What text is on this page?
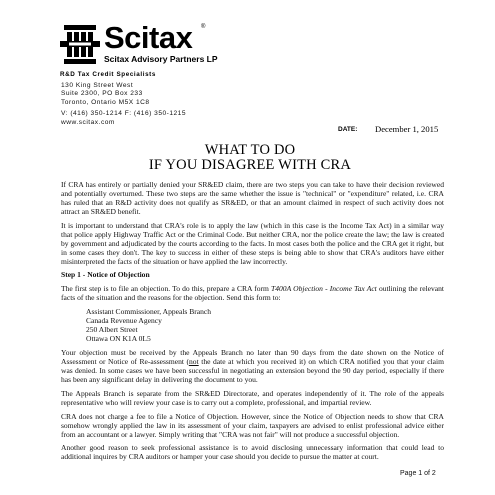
Scitax ®
Scitax Advisory Partners LP
R&D Tax Credit Specialists
130 King Street West
Suite 2300, PO Box 233
Toronto, Ontario M5X 1C8
V: (416) 350-1214 F: (416) 350-1215
www.scitax.com
DATE: December 1, 2015
WHAT TO DO
IF YOU DISAGREE WITH CRA

If CRA has entirely or partially denied your SR&ED claim, there are two steps you can take to have their decision reviewed and potentially overturned. These two steps are the same whether the issue is "technical" or "expenditure" related, i.e. CRA has ruled that an R&D activity does not qualify as SR&ED, or that an amount claimed in respect of such activity does not attract an SR&ED benefit.

It is important to understand that CRA's role is to apply the law (which in this case is the Income Tax Act) in a similar way that police apply Highway Traffic Act or the Criminal Code. But neither CRA, nor the police create the law; the law is created by government and adjudicated by the courts according to the facts. In most cases both the police and the CRA get it right, but in some cases they don't. The key to success in either of these steps is being able to show that CRA's auditors have either misinterpreted the facts of the situation or have applied the law incorrectly.

Step 1 - Notice of Objection

The first step is to file an objection. To do this, prepare a CRA form T400A Objection - Income Tax Act outlining the relevant facts of the situation and the reasons for the objection. Send this form to:

Assistant Commissioner, Appeals Branch
Canada Revenue Agency
250 Albert Street
Ottawa ON K1A 0L5

Your objection must be received by the Appeals Branch no later than 90 days from the date shown on the Notice of Assessment or Notice of Re-assessment (not the date at which you received it) on which CRA notified you that your claim was denied. In some cases we have been successful in negotiating an extension beyond the 90 day period, especially if there has been any significant delay in delivering the document to you.

The Appeals Branch is separate from the SR&ED Directorate, and operates independently of it. The role of the appeals representative who will review your case is to carry out a complete, professional, and impartial review.

CRA does not charge a fee to file a Notice of Objection. However, since the Notice of Objection needs to show that CRA somehow wrongly applied the law in its assessment of your claim, taxpayers are advised to enlist professional advice either from an accountant or a lawyer. Simply writing that "CRA was not fair" will not produce a successful objection.

Another good reason to seek professional assistance is to avoid disclosing unnecessary information that could lead to additional inquires by CRA auditors or hamper your case should you decide to pursue the matter at court.

Page 1 of 2
